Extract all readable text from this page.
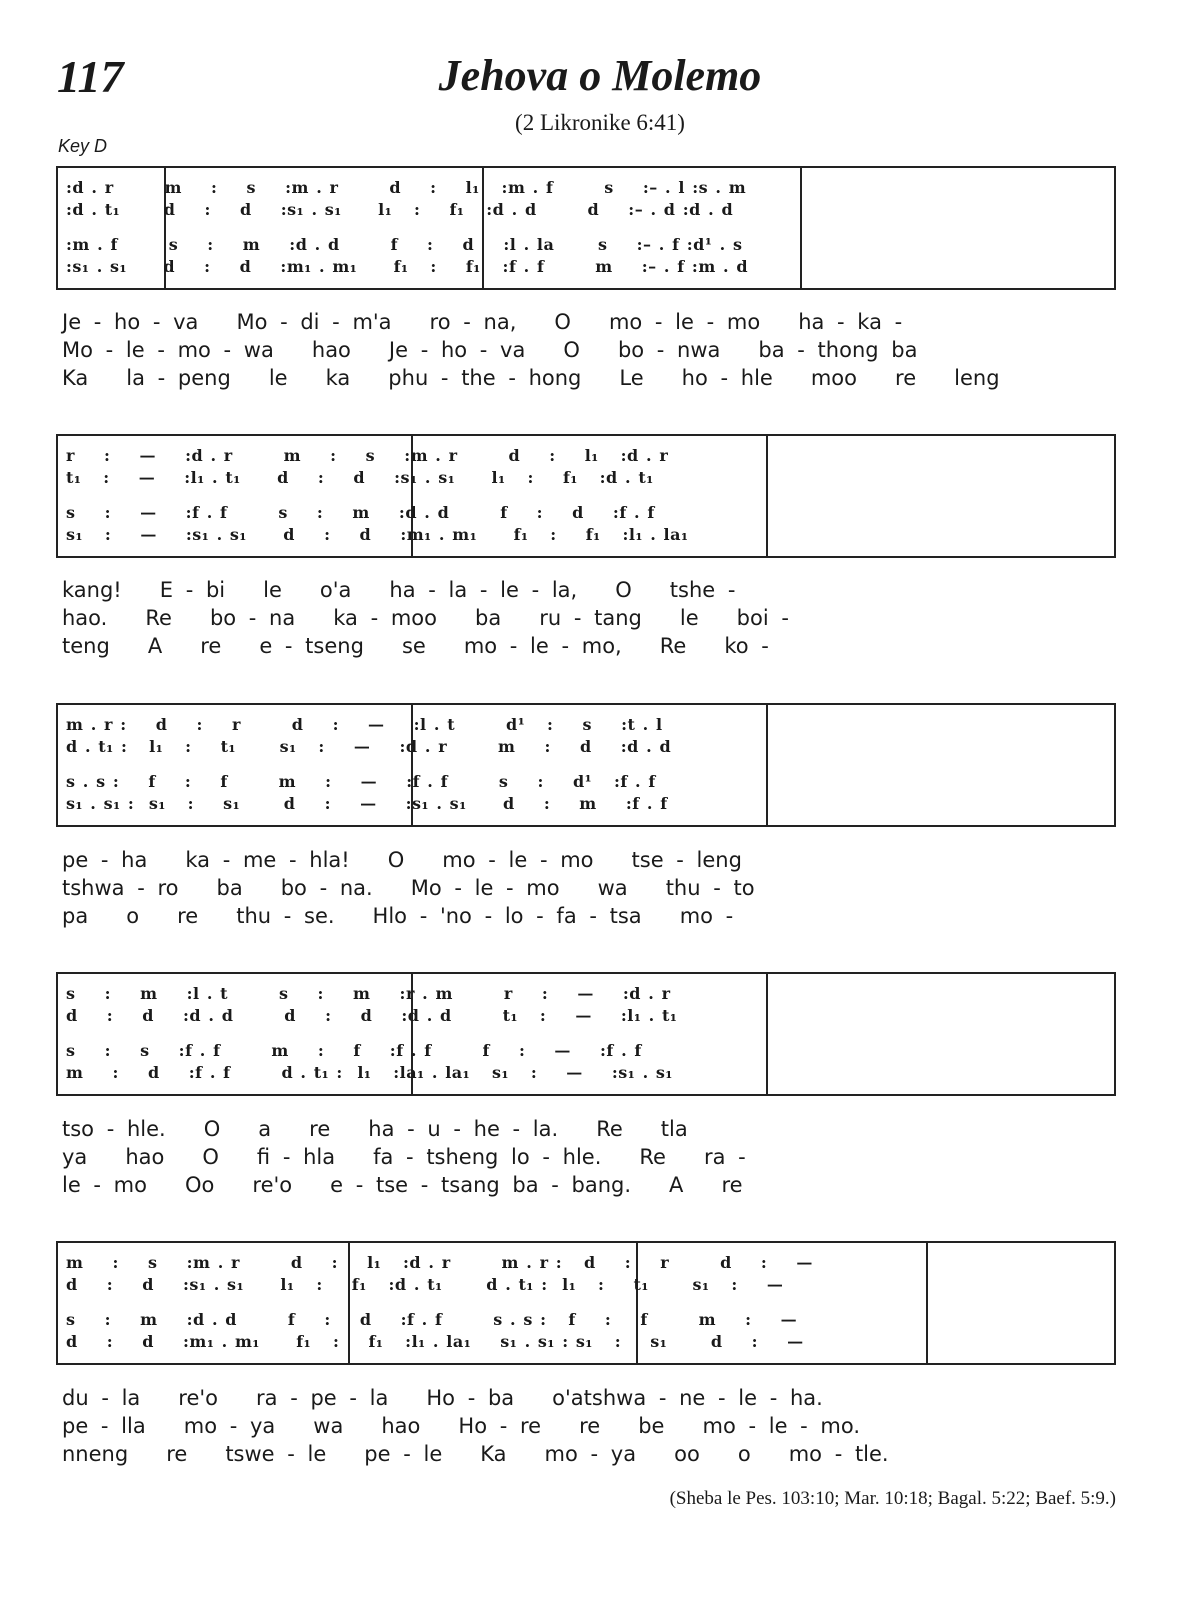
117	Jehova o Molemo
(2 Likronike 6:41)
Key D
:d . r       m    :    s    :m . r       d    :    l₁   :m . f       s    :– . l :s . m
:d . t₁      d    :    d    :s₁ . s₁     l₁   :    f₁   :d . d       d    :– . d :d . d
:m . f       s    :    m    :d . d       f    :    d    :l . la      s    :– . f :d¹ . s
:s₁ . s₁     d    :    d    :m₁ . m₁     f₁   :    f₁   :f . f       m    :– . f :m . d
Je - ho - va   Mo - di - m'a   ro - na,   O   mo - le - mo   ha - ka -
Mo - le - mo - wa   hao   Je - ho - va   O   bo - nwa   ba - thong ba
Ka   la - peng   le   ka   phu - the - hong   Le   ho - hle   moo   re   leng
r    :    —    :d . r       m    :    s    :m . r       d    :    l₁   :d . r
t₁   :    —    :l₁ . t₁     d    :    d    :s₁ . s₁     l₁   :    f₁   :d . t₁
s    :    —    :f . f       s    :    m    :d . d       f    :    d    :f . f
s₁   :    —    :s₁ . s₁     d    :    d    :m₁ . m₁     f₁   :    f₁   :l₁ . la₁
kang!   E - bi   le   o'a   ha - la - le - la,   O   tshe -
hao.   Re   bo - na   ka - moo   ba   ru - tang   le   boi -
teng   A   re   e - tseng   se   mo - le - mo,   Re   ko -
m . r :    d    :    r       d    :    —    :l . t       d¹   :    s    :t . l
d . t₁ :   l₁   :    t₁      s₁   :    —    :d . r       m    :    d    :d . d
s . s :    f    :    f       m    :    —    :f . f       s    :    d¹   :f . f
s₁ . s₁ :  s₁   :    s₁      d    :    —    :s₁ . s₁     d    :    m    :f . f
pe - ha   ka - me - hla!   O   mo - le - mo   tse - leng
tshwa - ro   ba   bo - na.   Mo - le - mo   wa   thu - to
pa   o   re   thu - se.   Hlo - 'no - lo - fa - tsa   mo -
s    :    m    :l . t       s    :    m    :r . m       r    :    —    :d . r
d    :    d    :d . d       d    :    d    :d . d       t₁   :    —    :l₁ . t₁
s    :    s    :f . f       m    :    f    :f . f       f    :    —    :f . f
m    :    d    :f . f       d . t₁ :  l₁   :la₁ . la₁   s₁   :    —    :s₁ . s₁
tso - hle.   O   a   re   ha - u - he - la.   Re   tla
ya   hao   O   fi - hla   fa - tsheng lo - hle.   Re   ra -
le - mo   Oo   re'o   e - tse - tsang ba - bang.   A   re
m    :    s    :m . r       d    :    l₁   :d . r       m . r :   d    :    r       d    :    —
d    :    d    :s₁ . s₁     l₁   :    f₁   :d . t₁      d . t₁ :  l₁   :    t₁      s₁   :    —
s    :    m    :d . d       f    :    d    :f . f       s . s :   f    :    f       m    :    —
d    :    d    :m₁ . m₁     f₁   :    f₁   :l₁ . la₁    s₁ . s₁ : s₁   :    s₁      d    :    —
du - la   re'o   ra - pe - la   Ho - ba   o'atshwa - ne - le - ha.
pe - lla   mo - ya   wa   hao   Ho - re   re   be   mo - le - mo.
nneng   re   tswe - le   pe - le   Ka   mo - ya   oo   o   mo - tle.
(Sheba le Pes. 103:10; Mar. 10:18; Bagal. 5:22; Baef. 5:9.)
